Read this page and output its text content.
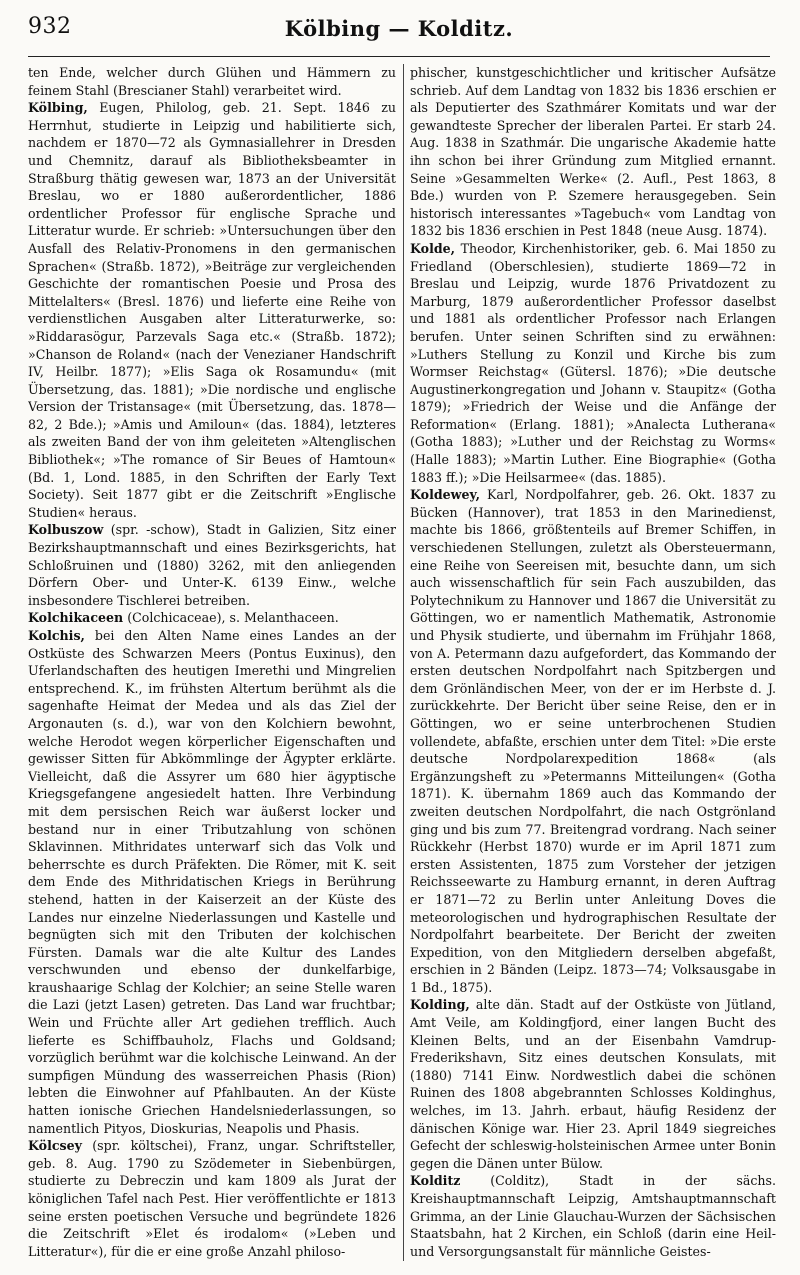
932	Kölbing — Kolditz.

ten Ende, welcher durch Glühen und Hämmern zu feinem Stahl (Brescianer Stahl) verarbeitet wird.

Kölbing, Eugen, Philolog, geb. 21. Sept. 1846 zu Herrnhut, studierte in Leipzig und habilitierte sich, nachdem er 1870—72 als Gymnasiallehrer in Dresden und Chemnitz, darauf als Bibliotheksbeamter in Straßburg thätig gewesen war, 1873 an der Universität Breslau, wo er 1880 außerordentlicher, 1886 ordentlicher Professor für englische Sprache und Litteratur wurde. Er schrieb: »Untersuchungen über den Ausfall des Relativ-Pronomens in den germanischen Sprachen« (Straßb. 1872), »Beiträge zur vergleichenden Geschichte der romantischen Poesie und Prosa des Mittelalters« (Bresl. 1876) und lieferte eine Reihe von verdienstlichen Ausgaben alter Litteraturwerke, so: »Riddarasögur, Parzevals Saga etc.« (Straßb. 1872); »Chanson de Roland« (nach der Venezianer Handschrift IV, Heilbr. 1877); »Elis Saga ok Rosamundu« (mit Übersetzung, das. 1881); »Die nordische und englische Version der Tristansage« (mit Übersetzung, das. 1878—82, 2 Bde.); »Amis und Amiloun« (das. 1884), letzteres als zweiten Band der von ihm geleiteten »Altenglischen Bibliothek«; »The romance of Sir Beues of Hamtoun« (Bd. 1, Lond. 1885, in den Schriften der Early Text Society). Seit 1877 gibt er die Zeitschrift »Englische Studien« heraus.

Kolbuszow (spr. -schow), Stadt in Galizien, Sitz einer Bezirkshauptmannschaft und eines Bezirksgerichts, hat Schloßruinen und (1880) 3262, mit den anliegenden Dörfern Ober- und Unter-K. 6139 Einw., welche insbesondere Tischlerei betreiben.

Kolchikaceen (Colchicaceae), s. Melanthaceen.

Kolchis, bei den Alten Name eines Landes an der Ostküste des Schwarzen Meers (Pontus Euxinus), den Uferlandschaften des heutigen Imerethi und Mingrelien entsprechend. K., im frühsten Altertum berühmt als die sagenhafte Heimat der Medea und als das Ziel der Argonauten (s. d.), war von den Kolchiern bewohnt, welche Herodot wegen körperlicher Eigenschaften und gewisser Sitten für Abkömmlinge der Ägypter erklärte. Vielleicht, daß die Assyrer um 680 hier ägyptische Kriegsgefangene angesiedelt hatten. Ihre Verbindung mit dem persischen Reich war äußerst locker und bestand nur in einer Tributzahlung von schönen Sklavinnen. Mithridates unterwarf sich das Volk und beherrschte es durch Präfekten. Die Römer, mit K. seit dem Ende des Mithridatischen Kriegs in Berührung stehend, hatten in der Kaiserzeit an der Küste des Landes nur einzelne Niederlassungen und Kastelle und begnügten sich mit den Tributen der kolchischen Fürsten. Damals war die alte Kultur des Landes verschwunden und ebenso der dunkelfarbige, kraushaarige Schlag der Kolchier; an seine Stelle waren die Lazi (jetzt Lasen) getreten. Das Land war fruchtbar; Wein und Früchte aller Art gediehen trefflich. Auch lieferte es Schiffbauholz, Flachs und Goldsand; vorzüglich berühmt war die kolchische Leinwand. An der sumpfigen Mündung des wasserreichen Phasis (Rion) lebten die Einwohner auf Pfahlbauten. An der Küste hatten ionische Griechen Handelsniederlassungen, so namentlich Pityos, Dioskurias, Neapolis und Phasis.

Kölcsey (spr. költschei), Franz, ungar. Schriftsteller, geb. 8. Aug. 1790 zu Szödemeter in Siebenbürgen, studierte zu Debreczin und kam 1809 als Jurat der königlichen Tafel nach Pest. Hier veröffentlichte er 1813 seine ersten poetischen Versuche und begründete 1826 die Zeitschrift »Elet és irodalom« (»Leben und Litteratur«), für die er eine große Anzahl philoso-

phischer, kunstgeschichtlicher und kritischer Aufsätze schrieb. Auf dem Landtag von 1832 bis 1836 erschien er als Deputierter des Szathmárer Komitats und war der gewandteste Sprecher der liberalen Partei. Er starb 24. Aug. 1838 in Szathmár. Die ungarische Akademie hatte ihn schon bei ihrer Gründung zum Mitglied ernannt. Seine »Gesammelten Werke« (2. Aufl., Pest 1863, 8 Bde.) wurden von P. Szemere herausgegeben. Sein historisch interessantes »Tagebuch« vom Landtag von 1832 bis 1836 erschien in Pest 1848 (neue Ausg. 1874).

Kolde, Theodor, Kirchenhistoriker, geb. 6. Mai 1850 zu Friedland (Oberschlesien), studierte 1869—72 in Breslau und Leipzig, wurde 1876 Privatdozent zu Marburg, 1879 außerordentlicher Professor daselbst und 1881 als ordentlicher Professor nach Erlangen berufen. Unter seinen Schriften sind zu erwähnen: »Luthers Stellung zu Konzil und Kirche bis zum Wormser Reichstag« (Gütersl. 1876); »Die deutsche Augustinerkongregation und Johann v. Staupitz« (Gotha 1879); »Friedrich der Weise und die Anfänge der Reformation« (Erlang. 1881); »Analecta Lutherana« (Gotha 1883); »Luther und der Reichstag zu Worms« (Halle 1883); »Martin Luther. Eine Biographie« (Gotha 1883 ff.); »Die Heilsarmee« (das. 1885).

Koldewey, Karl, Nordpolfahrer, geb. 26. Okt. 1837 zu Bücken (Hannover), trat 1853 in den Marinedienst, machte bis 1866, größtenteils auf Bremer Schiffen, in verschiedenen Stellungen, zuletzt als Obersteuermann, eine Reihe von Seereisen mit, besuchte dann, um sich auch wissenschaftlich für sein Fach auszubilden, das Polytechnikum zu Hannover und 1867 die Universität zu Göttingen, wo er namentlich Mathematik, Astronomie und Physik studierte, und übernahm im Frühjahr 1868, von A. Petermann dazu aufgefordert, das Kommando der ersten deutschen Nordpolfahrt nach Spitzbergen und dem Grönländischen Meer, von der er im Herbste d. J. zurückkehrte. Der Bericht über seine Reise, den er in Göttingen, wo er seine unterbrochenen Studien vollendete, abfaßte, erschien unter dem Titel: »Die erste deutsche Nordpolarexpedition 1868« (als Ergänzungsheft zu »Petermanns Mitteilungen« (Gotha 1871). K. übernahm 1869 auch das Kommando der zweiten deutschen Nordpolfahrt, die nach Ostgrönland ging und bis zum 77. Breitengrad vordrang. Nach seiner Rückkehr (Herbst 1870) wurde er im April 1871 zum ersten Assistenten, 1875 zum Vorsteher der jetzigen Reichsseewarte zu Hamburg ernannt, in deren Auftrag er 1871—72 zu Berlin unter Anleitung Doves die meteorologischen und hydrographischen Resultate der Nordpolfahrt bearbeitete. Der Bericht der zweiten Expedition, von den Mitgliedern derselben abgefaßt, erschien in 2 Bänden (Leipz. 1873—74; Volksausgabe in 1 Bd., 1875).

Kolding, alte dän. Stadt auf der Ostküste von Jütland, Amt Veile, am Koldingfjord, einer langen Bucht des Kleinen Belts, und an der Eisenbahn Vamdrup-Frederikshavn, Sitz eines deutschen Konsulats, mit (1880) 7141 Einw. Nordwestlich dabei die schönen Ruinen des 1808 abgebrannten Schlosses Koldinghus, welches, im 13. Jahrh. erbaut, häufig Residenz der dänischen Könige war. Hier 23. April 1849 siegreiches Gefecht der schleswig-holsteinischen Armee unter Bonin gegen die Dänen unter Bülow.

Kolditz (Colditz), Stadt in der sächs. Kreishauptmannschaft Leipzig, Amtshauptmannschaft Grimma, an der Linie Glauchau-Wurzen der Sächsischen Staatsbahn, hat 2 Kirchen, ein Schloß (darin eine Heil- und Versorgungsanstalt für männliche Geistes-
